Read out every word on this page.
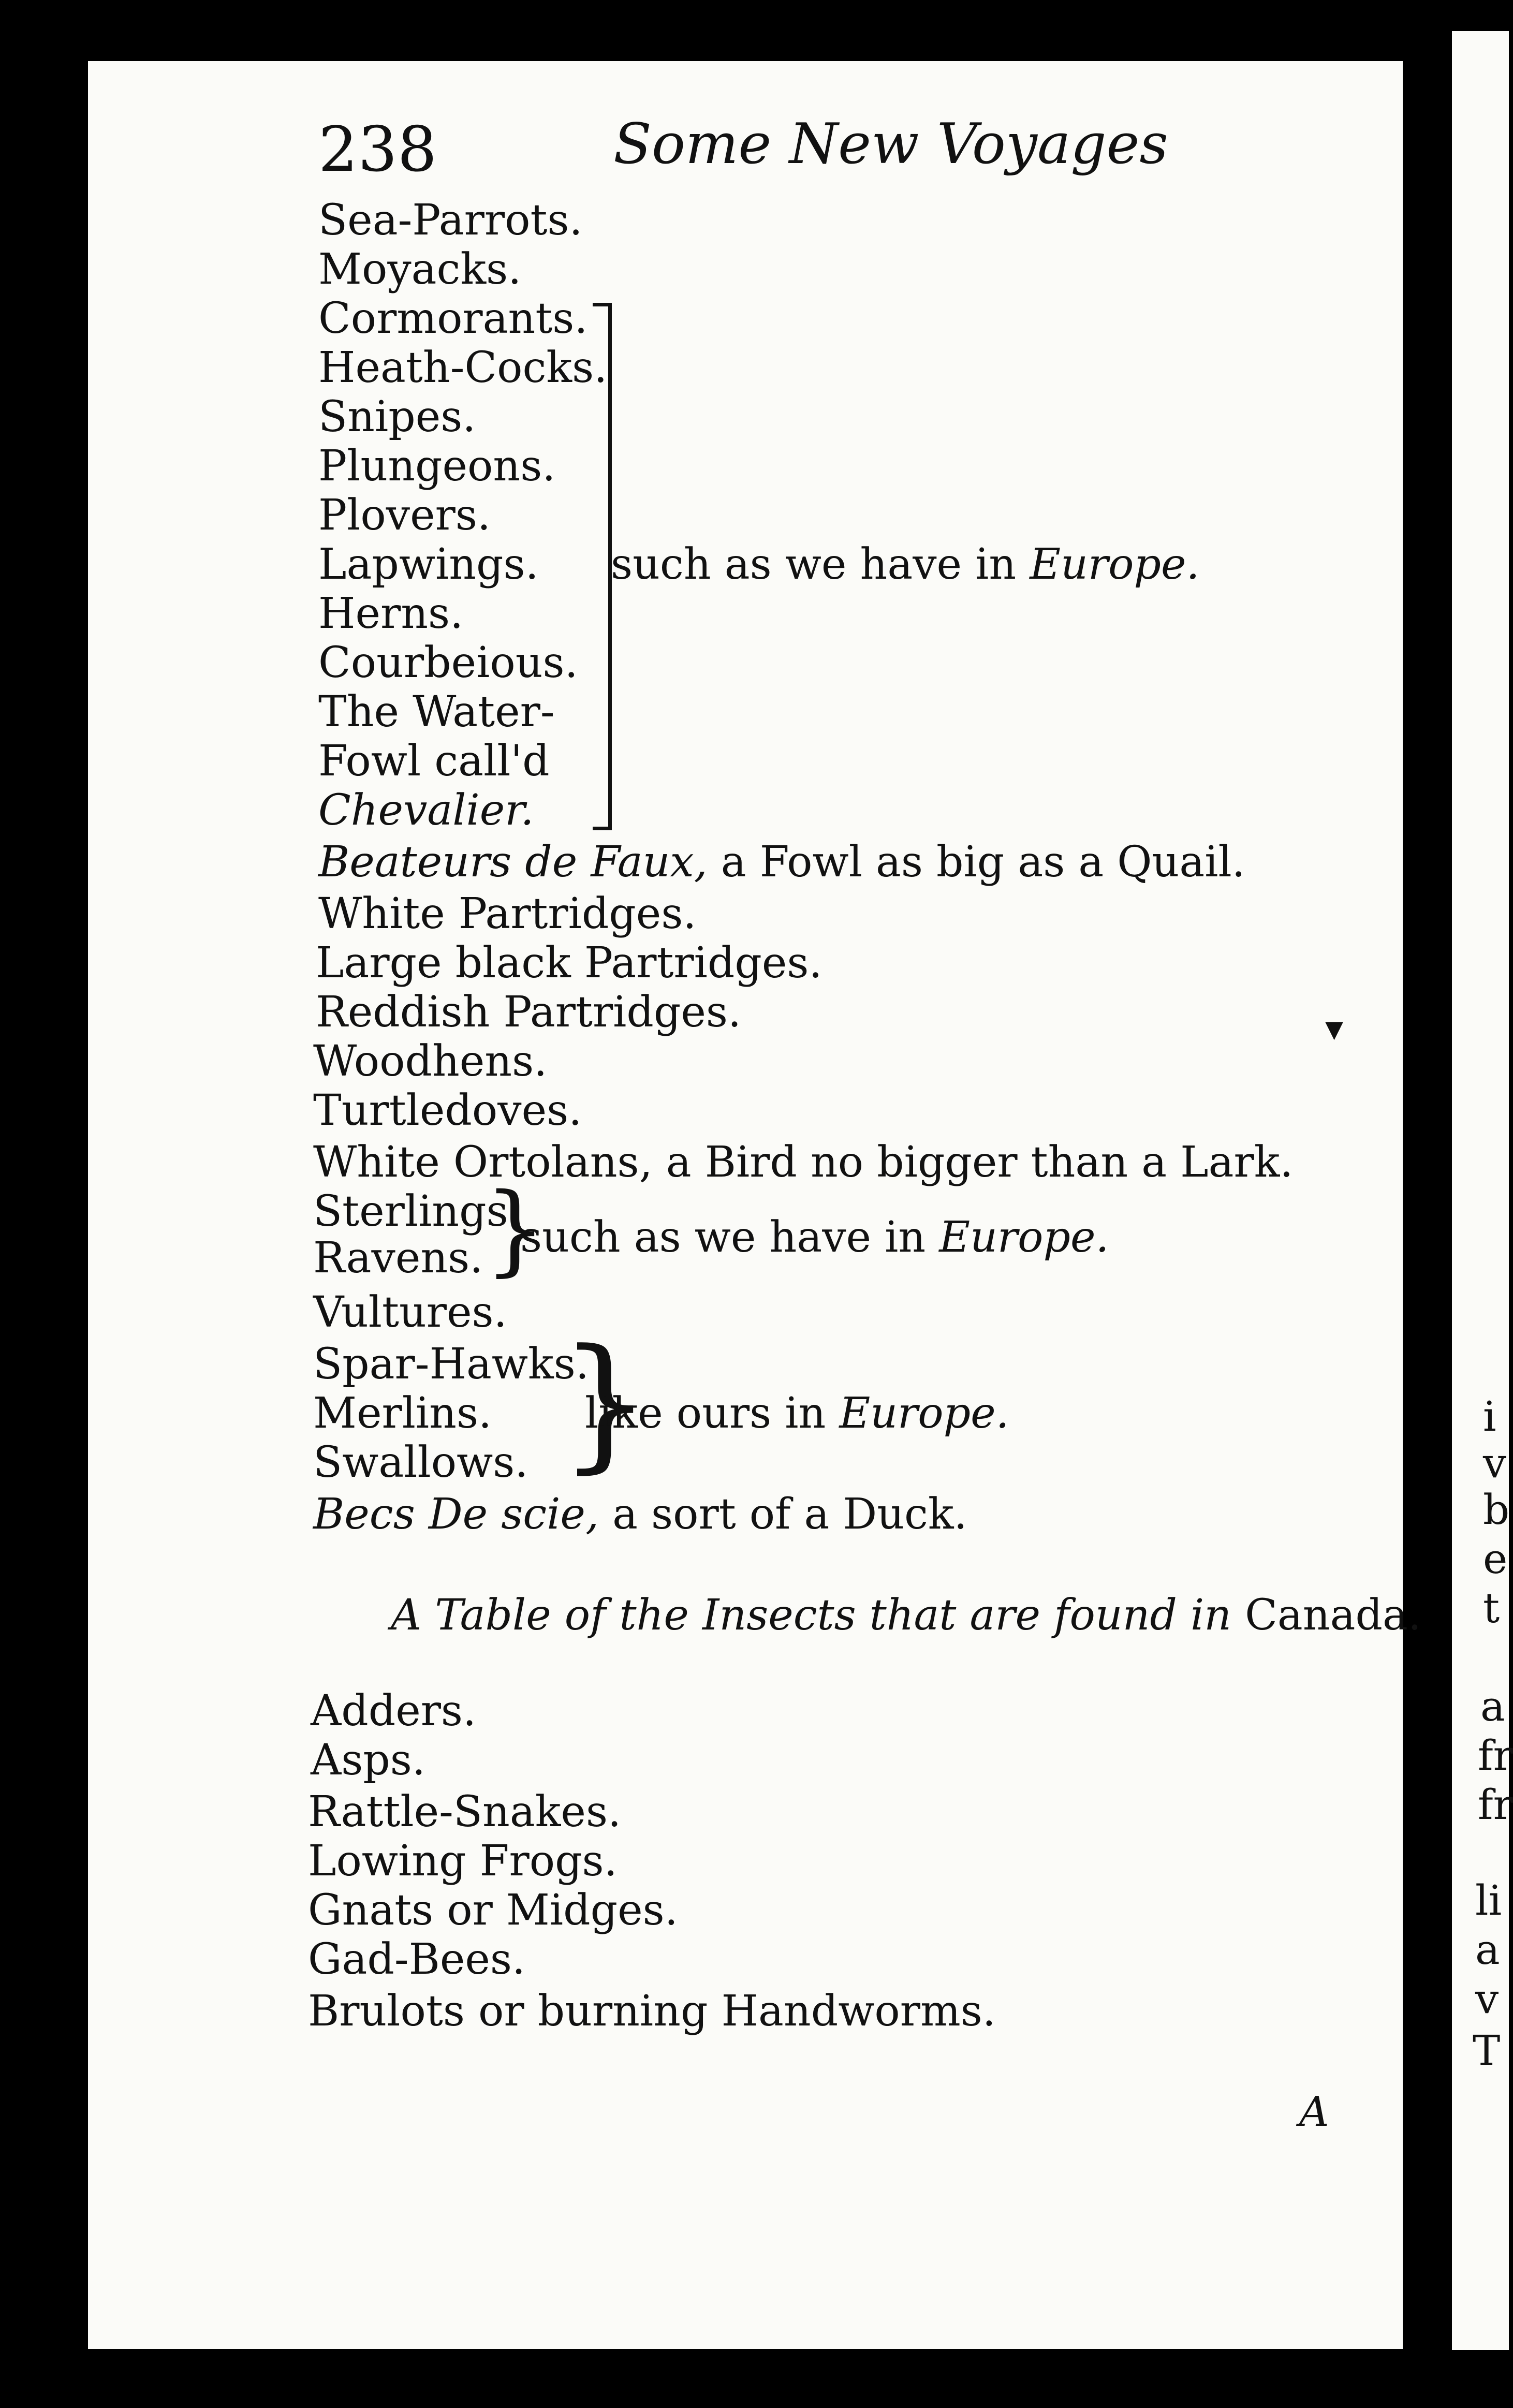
238	Some New Voyages
Sea-Parrots.
Moyacks.
Cormorants.
Heath-Cocks.
Snipes.
Plungeons.
Plovers.
Lapwings.
Herns.
Courbeious.
The Water-
Fowl call'd
Chevalier.
such as we have in Europe.
Beateurs de Faux, a Fowl as big as a Quail.
White Partridges.
Large black Partridges.
Reddish Partridges.
Woodhens.
Turtledoves.
White Ortolans, a Bird no bigger than a Lark.
Sterlings.
Ravens. }
such as we have in Europe.
Vultures.
Spar-Hawks.
Merlins.
Swallows. }
like ours in Europe.
Becs De scie, a sort of a Duck.
A Table of the Insects that are found in Canada.
Adders.
Asps.
Rattle-Snakes.
Lowing Frogs.
Gnats or Midges.
Gad-Bees.
Brulots or burning Handworms.
A
▾
i
v
b
e
t
a
fr
fr
li
a
v
T
